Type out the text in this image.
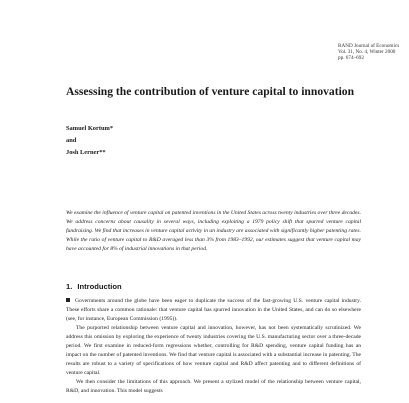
RAND Journal of Economics
Vol. 31, No. 4, Winter 2000
pp. 674–692
Assessing the contribution of venture capital to innovation
Samuel Kortum*
and
Josh Lerner**

We examine the influence of venture capital on patented inventions in the United States across twenty industries over three decades. We address concerns about causality in several ways, including exploiting a 1979 policy shift that spurred venture capital fundraising. We find that increases in venture capital activity in an industry are associated with significantly higher patenting rates. While the ratio of venture capital to R&D averaged less than 3% from 1983–1992, our estimates suggest that venture capital may have accounted for 8% of industrial innovations in that period.

1. Introduction

Governments around the globe have been eager to duplicate the success of the fast-growing U.S. venture capital industry. These efforts share a common rationale: that venture capital has spurred innovation in the United States, and can do so elsewhere (see, for instance, European Commission (1995)).

The purported relationship between venture capital and innovation, however, has not been systematically scrutinized. We address this omission by exploring the experience of twenty industries covering the U.S. manufacturing sector over a three-decade period. We first examine in reduced-form regressions whether, controlling for R&D spending, venture capital funding has an impact on the number of patented inventions. We find that venture capital is associated with a substantial increase in patenting. The results are robust to a variety of specifications of how venture capital and R&D affect patenting and to different definitions of venture capital.

We then consider the limitations of this approach. We present a stylized model of the relationship between venture capital, R&D, and innovation. This model suggests
